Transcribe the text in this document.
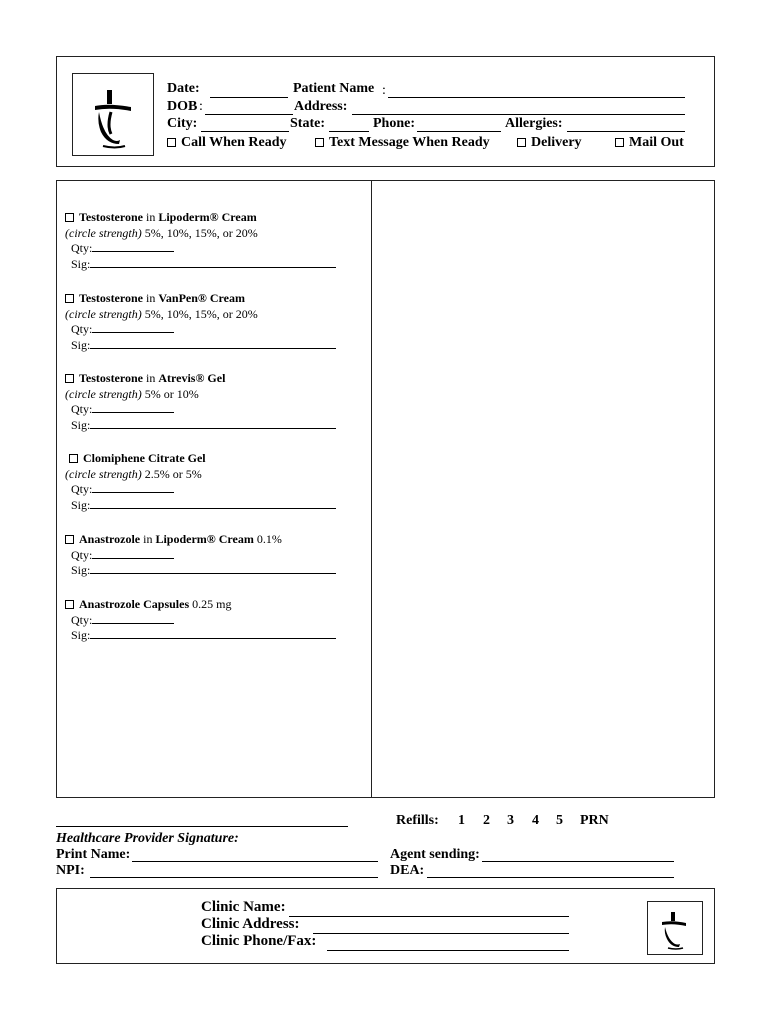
Date:	Patient Name :
DOB :	Address:
City:	State:	Phone:	Allergies:
Call When Ready	Text Message When Ready	Delivery	Mail Out
Testosterone in Lipoderm® Cream
(circle strength) 5%, 10%, 15%, or 20%
Qty:
Sig:
Testosterone in VanPen® Cream
(circle strength) 5%, 10%, 15%, or 20%
Qty:
Sig:
Testosterone in Atrevis® Gel
(circle strength) 5% or 10%
Qty:
Sig:
Clomiphene Citrate Gel
(circle strength) 2.5% or 5%
Qty:
Sig:
Anastrozole in Lipoderm® Cream 0.1%
Qty:
Sig:
Anastrozole Capsules 0.25 mg
Qty:
Sig:
Refills: 1 2 3 4 5 PRN
Healthcare Provider Signature:
Print Name:	Agent sending:
NPI:	DEA:
Clinic Name:
Clinic Address:
Clinic Phone/Fax:
